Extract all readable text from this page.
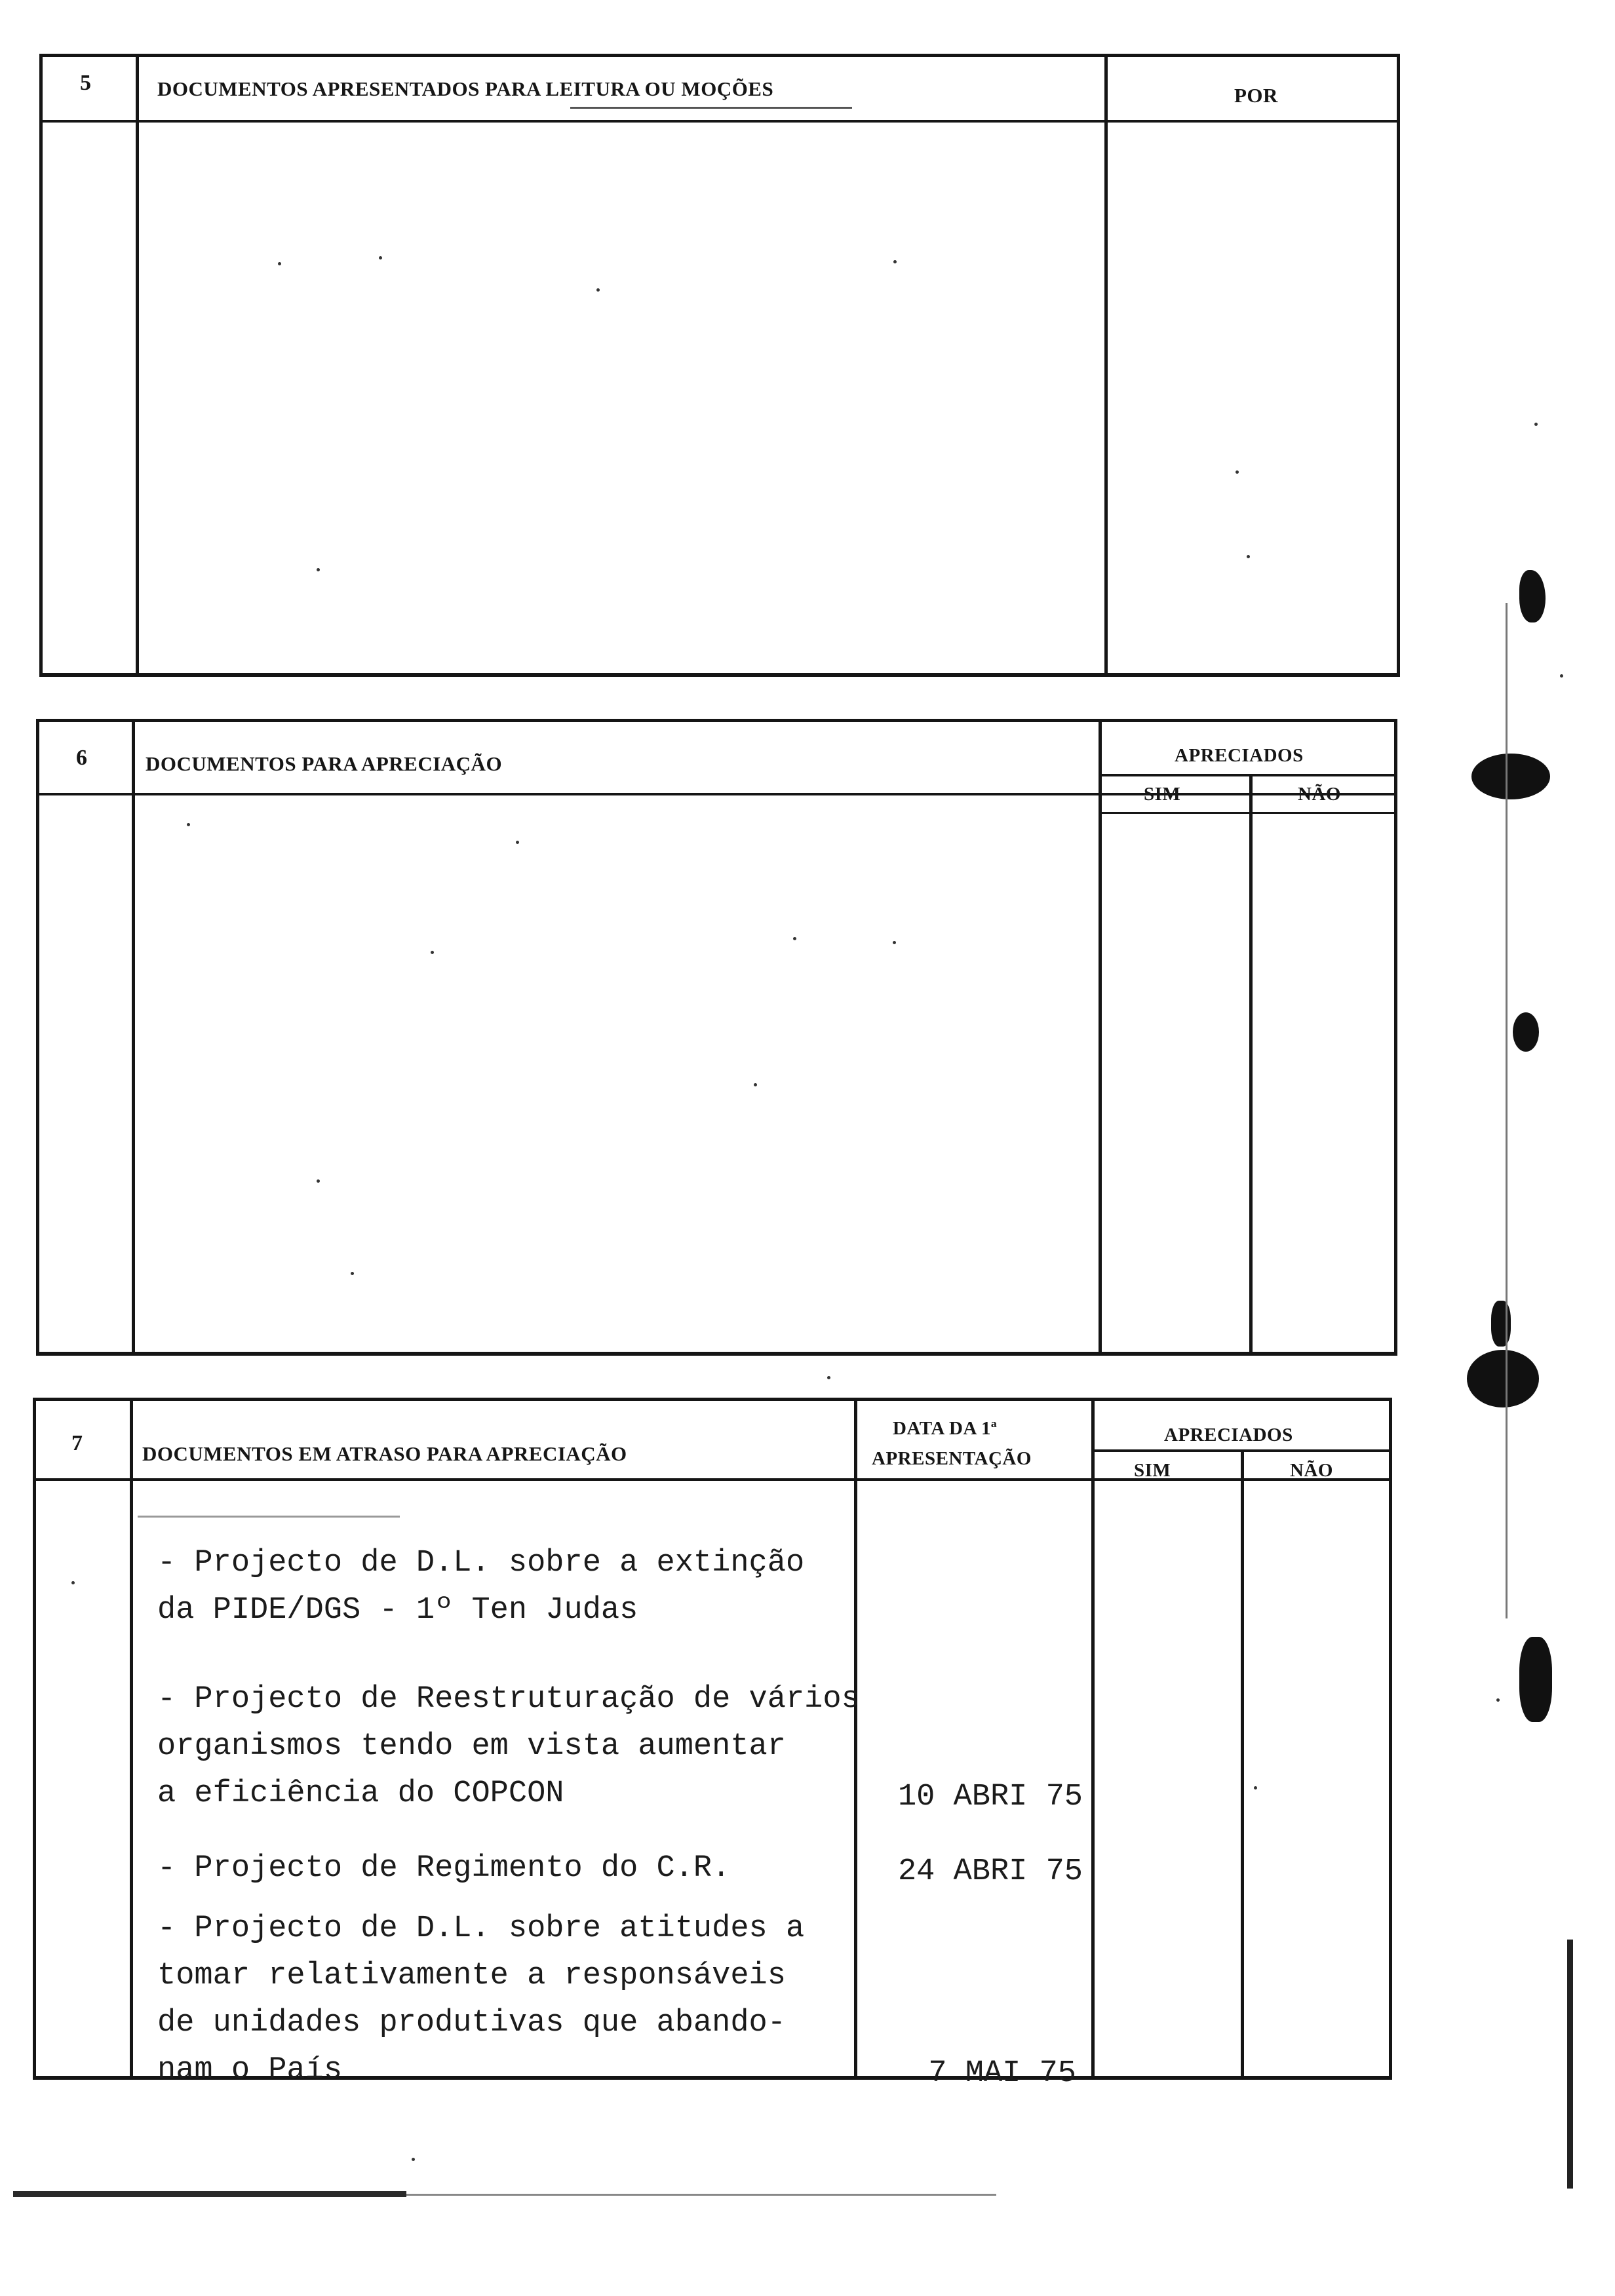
5	DOCUMENTOS APRESENTADOS PARA LEITURA OU MOÇÕES	POR
6	DOCUMENTOS PARA APRECIAÇÃO	APRECIADOS
SIM	NÃO
7	DOCUMENTOS EM ATRASO PARA APRECIAÇÃO
DATA DA 1ª
APRESENTAÇÃO
APRECIADOS
SIM	NÃO
- Projecto de D.L. sobre a extinção
da PIDE/DGS - 1º Ten Judas
- Projecto de Reestruturação de vários
organismos tendo em vista aumentar
a eficiência do COPCON	10 ABRI 75
- Projecto de Regimento do C.R.	24 ABRI 75
- Projecto de D.L. sobre atitudes a
tomar relativamente a responsáveis
de unidades produtivas que abando-
nam o País	7 MAI 75
